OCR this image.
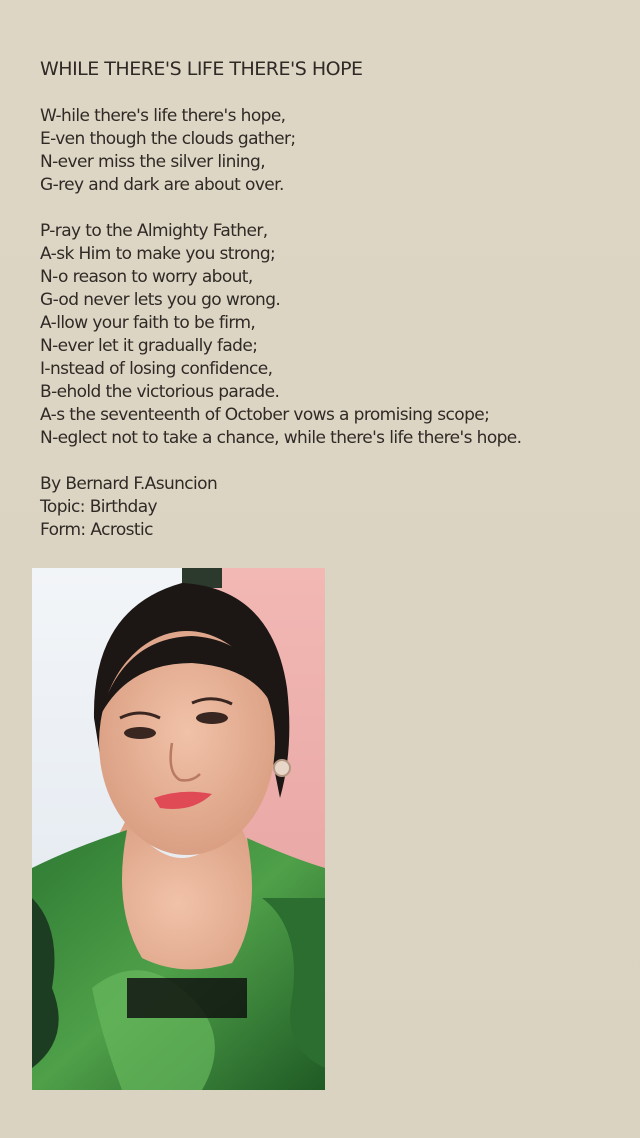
WHILE THERE'S LIFE THERE'S HOPE
W-hile there's life there's hope,
E-ven though the clouds gather;
N-ever miss the silver lining,
G-rey and dark are about over.
P-ray to the Almighty Father,
A-sk Him to make you strong;
N-o reason to worry about,
G-od never lets you go wrong.
A-llow your faith to be firm,
N-ever let it gradually fade;
I-nstead of losing confidence,
B-ehold the victorious parade.
A-s the seventeenth of October vows a promising scope;
N-eglect not to take a chance, while there's life there's hope.
By Bernard F.Asuncion
Topic: Birthday
Form: Acrostic
